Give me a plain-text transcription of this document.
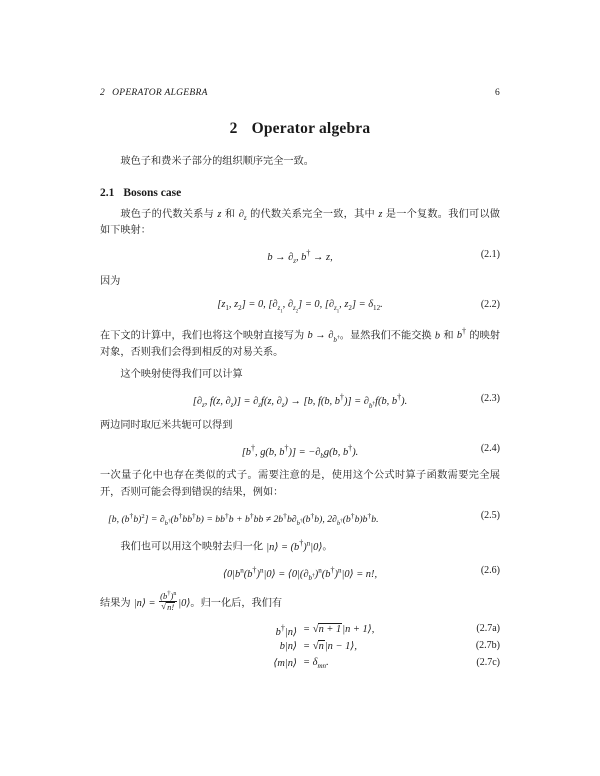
2 OPERATOR ALGEBRA	6
2 Operator algebra

玻色子和费米子部分的组织顺序完全一致。

2.1 Bosons case

玻色子的代数关系与 z 和 $\partial_z$ 的代数关系完全一致，其中 z 是一个复数。我们可以做如下映射：

$b \to \partial_z$, b† → z,	(2.1)

因为

[$z_1$, $z_2] = 0$, [$\partial_{z_1}$, $\partial_{z_2}] = 0$, [$\partial_{z_1}$, $z_2] = \delta_{12}$.	(2.2)

在下文的计算中，我们也将这个映射直接写为 $b \to \partial_{b^\dagger}$。显然我们不能交换 b 和 b† 的映射对象，否则我们会得到相反的对易关系。

这个映射使得我们可以计算

[$\partial_z$, f(z, $\partial_z)] = \partial_zf(z$, $\partial_z) \to [b$, f(b, $b^\dagger)] = \partial_{b^\dagger}f(b$, b†).	(2.3)

两边同时取厄米共轭可以得到

[b†, g(b, $b^\dagger)] = -\partial_bg(b$, b†).	(2.4)

一次量子化中也存在类似的式子。需要注意的是，使用这个公式时算子函数需要完全展开，否则可能会得到错误的结果，例如：

[b, $(b^\dagger b)^2] = \partial_{b^\dagger}(b^\dagger bb^\dagger b) = bb^\dagger b + b^\dagger bb \ne 2b^\dagger b\partial_{b^\dagger}(b^\dagger b)$, $2\partial_{b^\dagger}(b^\dagger b)b^\dagger b$.	(2.5)

我们也可以用这个映射去归一化 |n⟩ = $(b^\dagger)^n|0⟩$。

$⟨0|b^n(b^\dagger)^n|0⟩$ = $⟨0|(\partial_{b^\dagger})^n(b^\dagger)^n|0⟩ = n$!,	(2.6)

结果为 |n⟩ = $\frac{(b^\dagger)^n}{√ n!}$ |0⟩。归一化后，我们有

b†|n⟩ = √ n + 1|n + 1⟩,	(2.7a)
b|n⟩ = √ n|n − 1⟩,	(2.7b)
⟨m|n⟩ = $\delta_{mn}$.	(2.7c)
